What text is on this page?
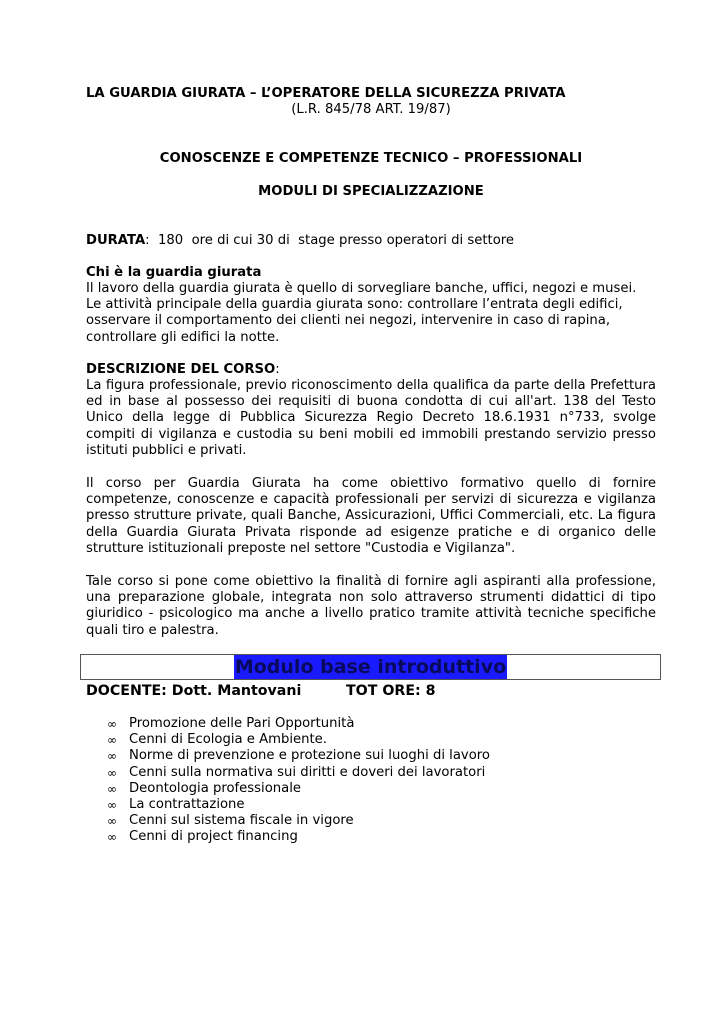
LA GUARDIA GIURATA – L’OPERATORE DELLA SICUREZZA PRIVATA
(L.R. 845/78 ART. 19/87)
CONOSCENZE E COMPETENZE TECNICO – PROFESSIONALI
MODULI DI SPECIALIZZAZIONE
DURATA:  180  ore di cui 30 di  stage presso operatori di settore
Chi è la guardia giurata
Il lavoro della guardia giurata è quello di sorvegliare banche, uffici, negozi e musei.
Le attività principale della guardia giurata sono: controllare l’entrata degli edifici,
osservare il comportamento dei clienti nei negozi, intervenire in caso di rapina,
controllare gli edifici la notte.
DESCRIZIONE DEL CORSO:

La figura professionale, previo riconoscimento della qualifica da parte della Prefettura ed in base al possesso dei requisiti di buona condotta di cui all'art. 138 del Testo Unico della legge di Pubblica Sicurezza Regio Decreto 18.6.1931 n°733, svolge compiti di vigilanza e custodia su beni mobili ed immobili prestando servizio presso istituti pubblici e privati.

Il corso per Guardia Giurata ha come obiettivo formativo quello di fornire competenze, conoscenze e capacità professionali per servizi di sicurezza e vigilanza presso strutture private, quali Banche, Assicurazioni, Uffici Commerciali, etc. La figura della Guardia Giurata Privata risponde ad esigenze pratiche e di organico delle strutture istituzionali preposte nel settore "Custodia e Vigilanza".

Tale corso si pone come obiettivo la finalità di fornire agli aspiranti alla professione, una preparazione globale, integrata non solo attraverso strumenti didattici di tipo giuridico - psicologico ma anche a livello pratico tramite attività tecniche specifiche quali tiro e palestra.

Modulo base introduttivo
DOCENTE: Dott. Mantovani	TOT ORE: 8
∞ Promozione delle Pari Opportunità
∞ Cenni di Ecologia e Ambiente.
∞ Norme di prevenzione e protezione sui luoghi di lavoro
∞ Cenni sulla normativa sui diritti e doveri dei lavoratori
∞ Deontologia professionale
∞ La contrattazione
∞ Cenni sul sistema fiscale in vigore
∞ Cenni di project financing
